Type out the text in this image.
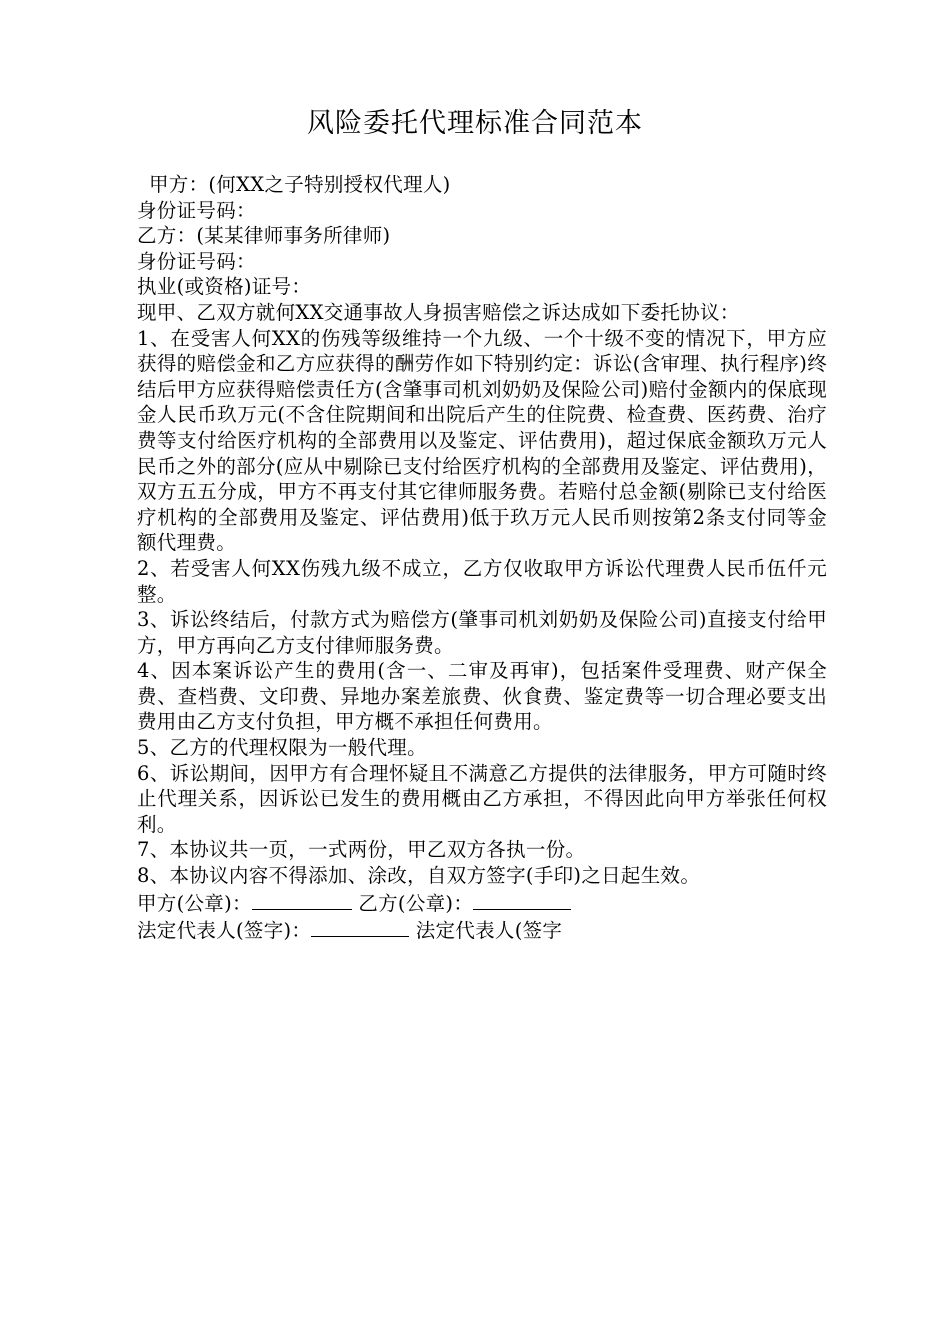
风险委托代理标准合同范本
甲方：(何XX之子特别授权代理人)
身份证号码：
乙方：(某某律师事务所律师)
身份证号码：
执业(或资格)证号：
现甲、乙双方就何XX交通事故人身损害赔偿之诉达成如下委托协议：
1、在受害人何XX的伤残等级维持一个九级、一个十级不变的情况下，甲方应获得的赔偿金和乙方应获得的酬劳作如下特别约定：诉讼(含审理、执行程序)终结后甲方应获得赔偿责任方(含肇事司机刘奶奶及保险公司)赔付金额内的保底现金人民币玖万元(不含住院期间和出院后产生的住院费、检查费、医药费、治疗费等支付给医疗机构的全部费用以及鉴定、评估费用)，超过保底金额玖万元人民币之外的部分(应从中剔除已支付给医疗机构的全部费用及鉴定、评估费用)，双方五五分成，甲方不再支付其它律师服务费。若赔付总金额(剔除已支付给医疗机构的全部费用及鉴定、评估费用)低于玖万元人民币则按第2条支付同等金额代理费。
2、若受害人何XX伤残九级不成立，乙方仅收取甲方诉讼代理费人民币伍仟元整。
3、诉讼终结后，付款方式为赔偿方(肇事司机刘奶奶及保险公司)直接支付给甲方，甲方再向乙方支付律师服务费。
4、因本案诉讼产生的费用(含一、二审及再审)，包括案件受理费、财产保全费、查档费、文印费、异地办案差旅费、伙食费、鉴定费等一切合理必要支出费用由乙方支付负担，甲方概不承担任何费用。
5、乙方的代理权限为一般代理。
6、诉讼期间，因甲方有合理怀疑且不满意乙方提供的法律服务，甲方可随时终止代理关系，因诉讼已发生的费用概由乙方承担，不得因此向甲方举张任何权利。
7、本协议共一页，一式两份，甲乙双方各执一份。
8、本协议内容不得添加、涂改，自双方签字(手印)之日起生效。
甲方(公章)：	乙方(公章)：
法定代表人(签字)：	法定代表人(签字
